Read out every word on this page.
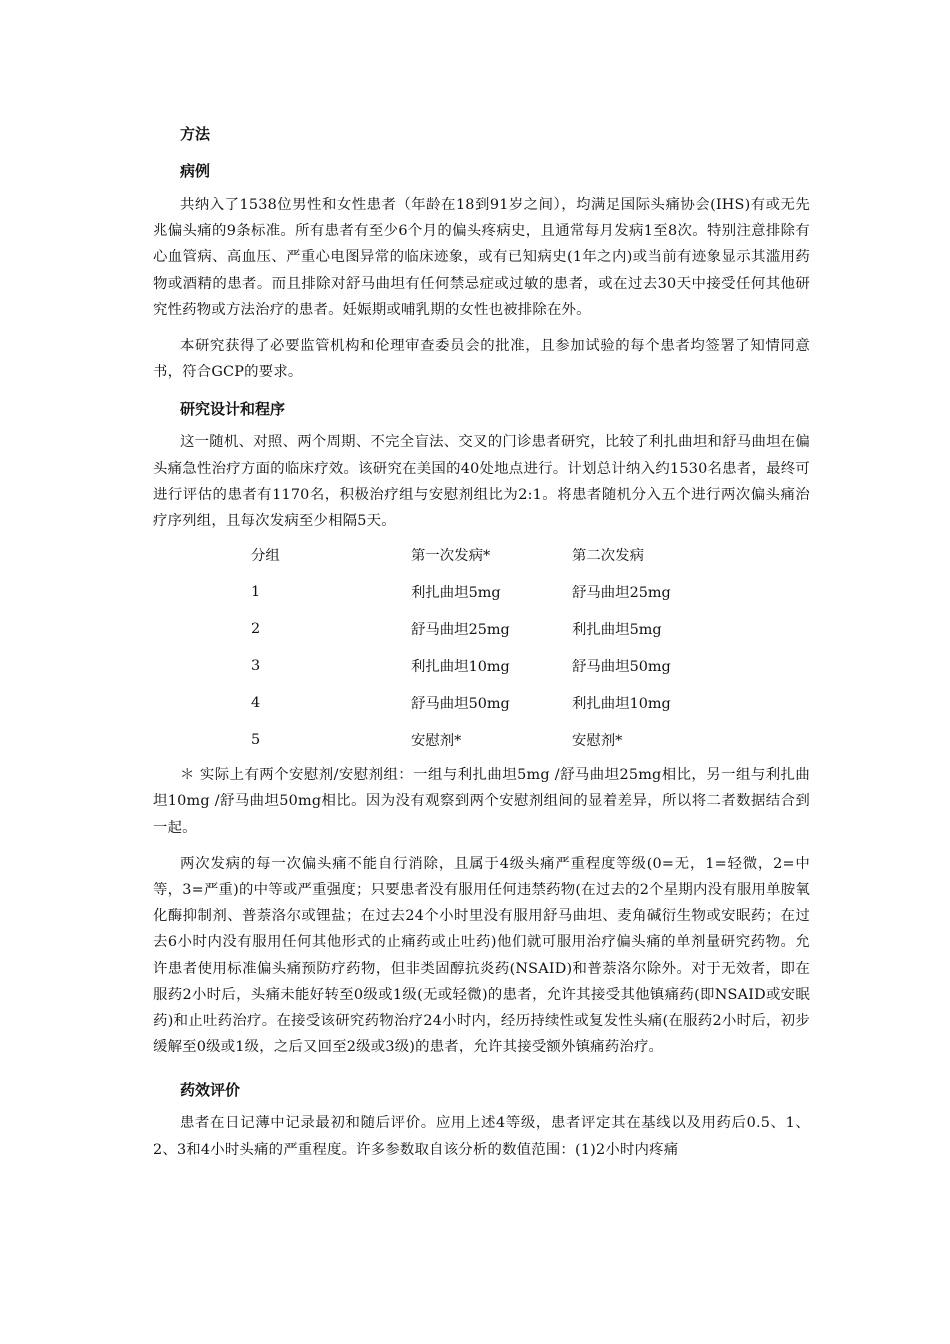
方法

病例

共纳入了1538位男性和女性患者（年龄在18到91岁之间），均满足国际头痛协会(IHS)有或无先兆偏头痛的9条标准。所有患者有至少6个月的偏头疼病史，且通常每月发病1至8次。特别注意排除有心血管病、高血压、严重心电图异常的临床迹象，或有已知病史(1年之内)或当前有迹象显示其滥用药物或酒精的患者。而且排除对舒马曲坦有任何禁忌症或过敏的患者，或在过去30天中接受任何其他研究性药物或方法治疗的患者。妊娠期或哺乳期的女性也被排除在外。

本研究获得了必要监管机构和伦理审查委员会的批准，且参加试验的每个患者均签署了知情同意书，符合GCP的要求。

研究设计和程序

这一随机、对照、两个周期、不完全盲法、交叉的门诊患者研究，比较了利扎曲坦和舒马曲坦在偏头痛急性治疗方面的临床疗效。该研究在美国的40处地点进行。计划总计纳入约1530名患者，最终可进行评估的患者有1170名，积极治疗组与安慰剂组比为2:1。将患者随机分入五个进行两次偏头痛治疗序列组，且每次发病至少相隔5天。

分组	第一次发病*	第二次发病
1	利扎曲坦5mg	舒马曲坦25mg
2	舒马曲坦25mg	利扎曲坦5mg
3	利扎曲坦10mg	舒马曲坦50mg
4	舒马曲坦50mg	利扎曲坦10mg
5	安慰剂*	安慰剂*

＊ 实际上有两个安慰剂/安慰剂组：一组与利扎曲坦5mg /舒马曲坦25mg相比，另一组与利扎曲坦10mg /舒马曲坦50mg相比。因为没有观察到两个安慰剂组间的显着差异，所以将二者数据结合到一起。

两次发病的每一次偏头痛不能自行消除，且属于4级头痛严重程度等级(0=无，1=轻微，2=中等，3=严重)的中等或严重强度；只要患者没有服用任何违禁药物(在过去的2个星期内没有服用单胺氧化酶抑制剂、普萘洛尔或锂盐；在过去24个小时里没有服用舒马曲坦、麦角碱衍生物或安眠药；在过去6小时内没有服用任何其他形式的止痛药或止吐药)他们就可服用治疗偏头痛的单剂量研究药物。允许患者使用标准偏头痛预防疗药物，但非类固醇抗炎药(NSAID)和普萘洛尔除外。对于无效者，即在服药2小时后，头痛未能好转至0级或1级(无或轻微)的患者，允许其接受其他镇痛药(即NSAID或安眠药)和止吐药治疗。在接受该研究药物治疗24小时内，经历持续性或复发性头痛(在服药2小时后，初步缓解至0级或1级，之后又回至2级或3级)的患者，允许其接受额外镇痛药治疗。

药效评价

患者在日记薄中记录最初和随后评价。应用上述4等级，患者评定其在基线以及用药后0.5、1、2、3和4小时头痛的严重程度。许多参数取自该分析的数值范围：(1)2小时内疼痛
